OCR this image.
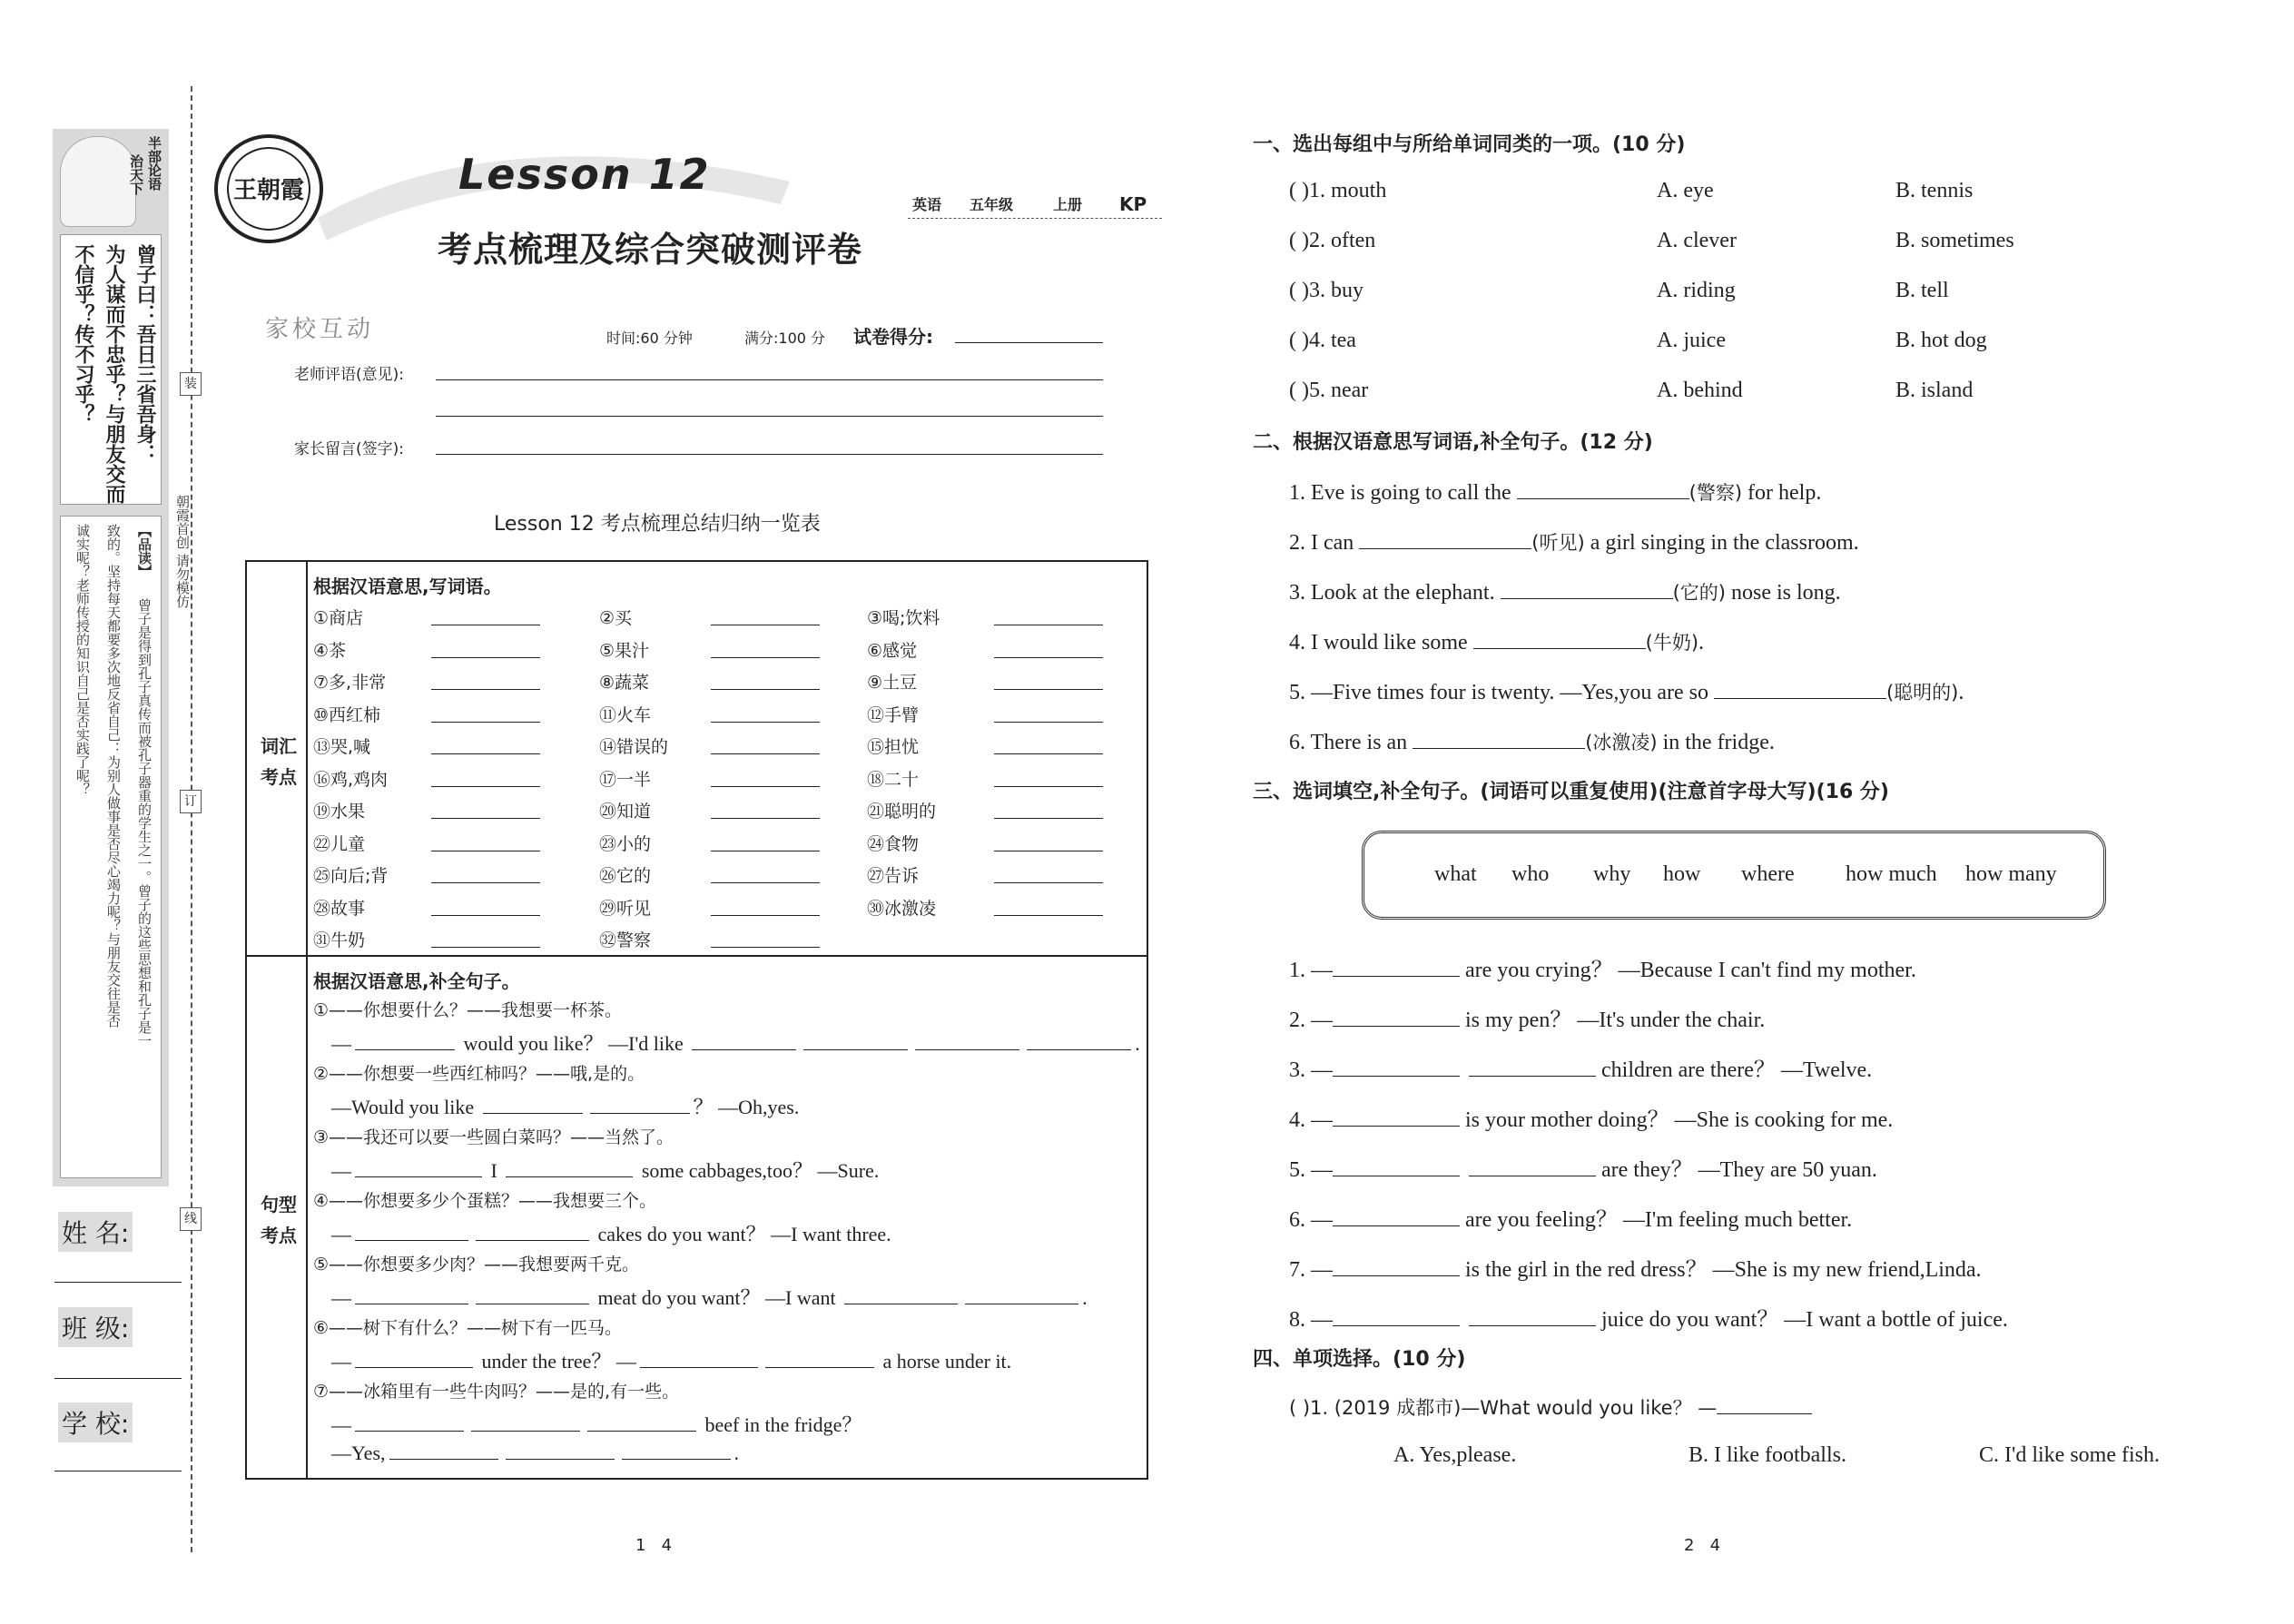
半部论语
治天下
曾子曰：吾日三省吾身：
为人谋而不忠乎？与朋友交而
不信乎？传不习乎？
【品读】
曾子是得到孔子真传而被孔子器重的学生之一。曾子的这些思想和孔子是一
致的。坚持每天都要多次地反省自己：为别人做事是否尽心竭力呢？与朋友交往是否
诚实呢？老师传授的知识自己是否实践了呢？
姓 名:
班 级:
学 校:
装
订
线
朝霞首创 请勿模仿
王朝霞	Lesson 12
考点梳理及综合突破测评卷
英语 五年级	上册 KP
家校互动	时间:60 分钟	满分:100 分 试卷得分:
老师评语(意见):
家长留言(签字):
Lesson 12 考点梳理总结归纳一览表
词汇考点
句型考点
根据汉语意思,写词语。
根据汉语意思,补全句子。
①商店	②买	③喝;饮料
④茶	⑤果汁	⑥感觉
⑦多,非常	⑧蔬菜	⑨土豆
⑩西红柿	⑪火车	⑫手臂
⑬哭,喊	⑭错误的	⑮担忧
⑯鸡,鸡肉	⑰一半	⑱二十
⑲水果	⑳知道	㉑聪明的
㉒儿童	㉓小的	㉔食物
㉕向后;背	㉖它的	㉗告诉
㉘故事	㉙听见	㉚冰激凌
㉛牛奶	㉜警察
①——你想要什么？——我想要一杯茶。
—	would you like？ —I'd like	.
②——你想要一些西红柿吗？——哦,是的。
—Would you like	？ —Oh,yes.
③——我还可以要一些圆白菜吗？——当然了。
—	I	some cabbages,too？ —Sure.
④——你想要多少个蛋糕？——我想要三个。
—	cakes do you want？ —I want three.
⑤——你想要多少肉？——我想要两千克。
—	meat do you want？ —I want	.
⑥——树下有什么？——树下有一匹马。
—	under the tree？ —	a horse under it.
⑦——冰箱里有一些牛肉吗？——是的,有一些。
—	beef in the fridge？
—Yes,	.
1   4
一、选出每组中与所给单词同类的一项。(10 分)
( )1. mouth	A. eye	B. tennis
( )2. often	A. clever	B. sometimes
( )3. buy	A. riding	B. tell
( )4. tea	A. juice	B. hot dog
( )5. near	A. behind	B. island
二、根据汉语意思写词语,补全句子。(12 分)
1. Eve is going to call the	(警察) for help.
2. I can	(听见) a girl singing in the classroom.
3. Look at the elephant.	(它的) nose is long.
4. I would like some	(牛奶).
5. —Five times four is twenty. —Yes,you are so	(聪明的).
6. There is an	(冰激凌) in the fridge.
三、选词填空,补全句子。(词语可以重复使用)(注意首字母大写)(16 分)
what who why how where how much how many
1. —	are you crying？ —Because I can't find my mother.
2. —	is my pen？ —It's under the chair.
3. —	children are there？ —Twelve.
4. —	is your mother doing？ —She is cooking for me.
5. —	are they？ —They are 50 yuan.
6. —	are you feeling？ —I'm feeling much better.
7. —	is the girl in the red dress？ —She is my new friend,Linda.
8. —	juice do you want？ —I want a bottle of juice.
四、单项选择。(10 分)
( )1. (2019 成都市)—What would you like？ —
A. Yes,please.	B. I like footballs.	C. I'd like some fish.
2   4
